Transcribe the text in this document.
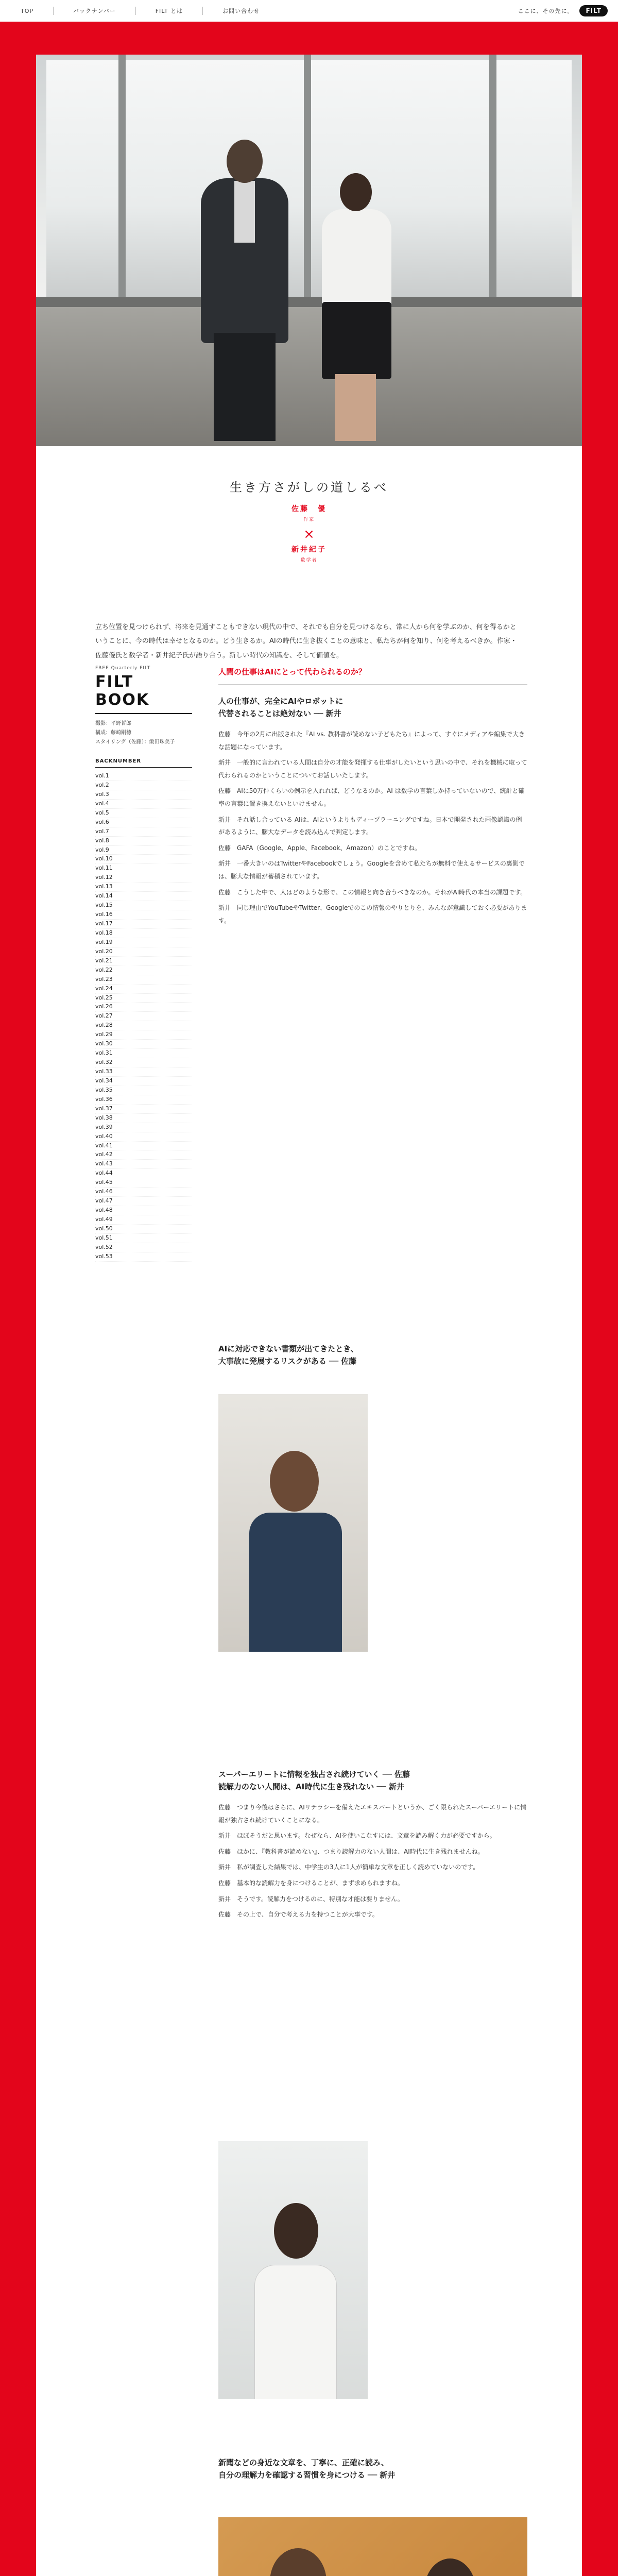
TOP	バックナンバー	FILT とは	お問い合わせ	ここに、その先に。	FILT
生き方さがしの道しるべ
佐藤　優
作家
×
新井紀子
数学者
立ち位置を見つけられず、将来を見通すこともできない現代の中で、それでも自分を見つけるなら、常に人から何を学ぶのか、何を得るかということに、今の時代は幸せとなるのか。どう生きるか。AIの時代に生き抜くことの意味と、私たちが何を知り、何を考えるべきか。作家・佐藤優氏と数学者・新井紀子氏が語り合う。新しい時代の知識を、そして価値を。
FREE Quarterly FILT
FILT BOOK
撮影：平野哲郎
構成：藤崎剛徳
スタイリング（佐藤）：飯田珠美子
BACKNUMBER
vol.1
vol.2
vol.3
vol.4
vol.5
vol.6
vol.7
vol.8
vol.9
vol.10
vol.11
vol.12
vol.13
vol.14
vol.15
vol.16
vol.17
vol.18
vol.19
vol.20
vol.21
vol.22
vol.23
vol.24
vol.25
vol.26
vol.27
vol.28
vol.29
vol.30
vol.31
vol.32
vol.33
vol.34
vol.35
vol.36
vol.37
vol.38
vol.39
vol.40
vol.41
vol.42
vol.43
vol.44
vol.45
vol.46
vol.47
vol.48
vol.49
vol.50
vol.51
vol.52
vol.53
人間の仕事はAIにとって代わられるのか？
人の仕事が、完全にAIやロボットに
代替されることは絶対ない ── 新井

佐藤　今年の2月に出版された『AI vs. 教科書が読めない子どもたち』によって、すぐにメディアや編集で大きな話題になっています。

新井　一般的に言われている人間は自分の才能を発揮する仕事がしたいという思いの中で、それを機械に取って代わられるのかということについてお話しいたします。

佐藤　AIに50万件くらいの例示を入れれば、どうなるのか。AI は数学の言葉しか持っていないので、統計と確率の言葉に置き換えないといけません。

新井　それ話し合っている AIは、AIというよりもディープラーニングですね。日本で開発された画像認識の例があるように、膨大なデータを読み込んで判定します。

佐藤　GAFA（Google、Apple、Facebook、Amazon）のことですね。

新井　一番大きいのはTwitterやFacebookでしょう。Googleを含めて私たちが無料で使えるサービスの裏側では、膨大な情報が蓄積されています。

佐藤　こうした中で、人はどのような形で、この情報と向き合うべきなのか。それがAI時代の本当の課題です。

新井　同じ理由でYouTubeやTwitter、Googleでのこの情報のやりとりを、みんなが意識しておく必要があります。

AIに対応できない書類が出てきたとき、
大事故に発展するリスクがある ── 佐藤
スーパーエリートに情報を独占され続けていく ── 佐藤
読解力のない人間は、AI時代に生き残れない ── 新井

佐藤　つまり今後はさらに、AIリテラシーを備えたエキスパートというか、ごく限られたスーパーエリートに情報が独占され続けていくことになる。

新井　ほぼそうだと思います。なぜなら、AIを使いこなすには、文章を読み解く力が必要ですから。

佐藤　ほかに、『教科書が読めない』、つまり読解力のない人間は、AI時代に生き残れませんね。

新井　私が調査した結果では、中学生の3人に1人が簡単な文章を正しく読めていないのです。

佐藤　基本的な読解力を身につけることが、まず求められますね。

新井　そうです。読解力をつけるのに、特別な才能は要りません。

佐藤　その上で、自分で考える力を持つことが大事です。

新聞などの身近な文章を、丁寧に、正確に読み、
自分の理解力を確認する習慣を身につける ── 新井
